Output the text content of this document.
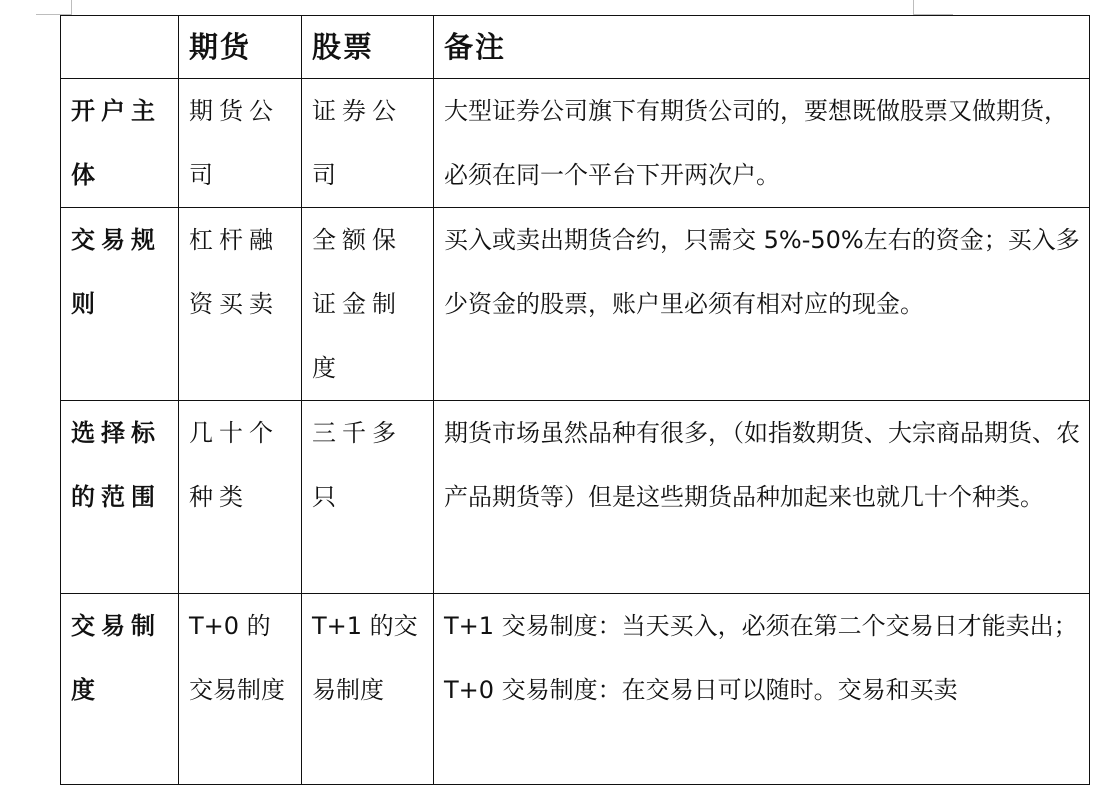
	期货	股票	备注
开户主体	期货公司	证券公司	大型证券公司旗下有期货公司的，要想既做股票又做期货，必须在同一个平台下开两次户。
交易规则	杠杆融资买卖	全额保证金制度	买入或卖出期货合约，只需交 5%-50%左右的资金；买入多少资金的股票，账户里必须有相对应的现金。
选择标的范围	几十个种类	三千多只	期货市场虽然品种有很多，（如指数期货、大宗商品期货、农产品期货等）但是这些期货品种加起来也就几十个种类。
交易制度	T+0 的交易制度	T+1 的交易制度	T+1 交易制度：当天买入，必须在第二个交易日才能卖出；
T+0 交易制度：在交易日可以随时。交易和买卖
